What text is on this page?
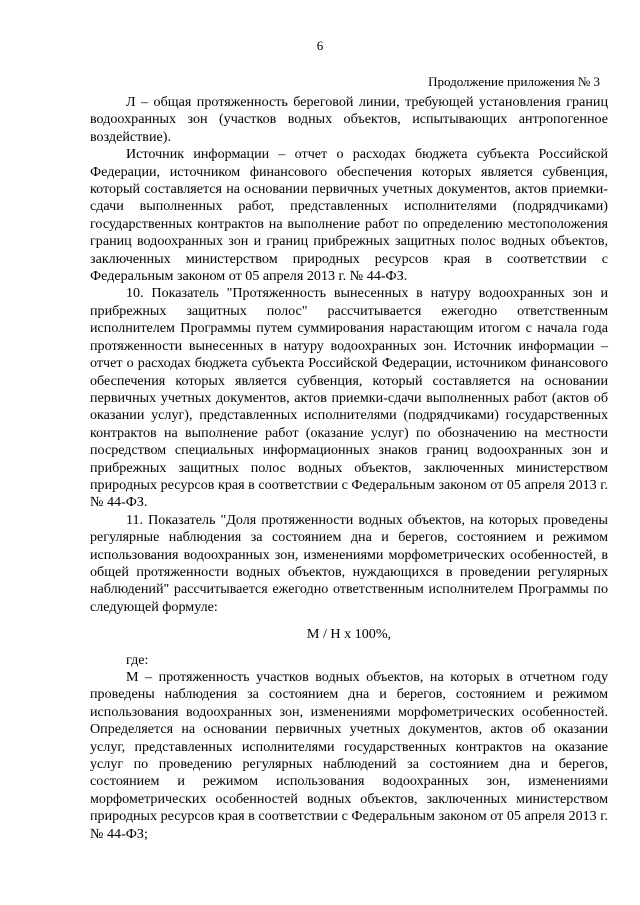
6
Продолжение приложения № 3

Л – общая протяженность береговой линии, требующей установления границ водоохранных зон (участков водных объектов, испытывающих антропогенное воздействие).

Источник информации – отчет о расходах бюджета субъекта Российской Федерации, источником финансового обеспечения которых является субвенция, который составляется на основании первичных учетных документов, актов приемки-сдачи выполненных работ, представленных исполнителями (подрядчиками) государственных контрактов на выполнение работ по определению местоположения границ водоохранных зон и границ прибрежных защитных полос водных объектов, заключенных министерством природных ресурсов края в соответствии с Федеральным законом от 05 апреля 2013 г. № 44-ФЗ.

10. Показатель "Протяженность вынесенных в натуру водоохранных зон и прибрежных защитных полос" рассчитывается ежегодно ответственным исполнителем Программы путем суммирования нарастающим итогом с начала года протяженности вынесенных в натуру водоохранных зон. Источник информации – отчет о расходах бюджета субъекта Российской Федерации, источником финансового обеспечения которых является субвенция, который составляется на основании первичных учетных документов, актов приемки-сдачи выполненных работ (актов об оказании услуг), представленных исполнителями (подрядчиками) государственных контрактов на выполнение работ (оказание услуг) по обозначению на местности посредством специальных информационных знаков границ водоохранных зон и прибрежных защитных полос водных объектов, заключенных министерством природных ресурсов края в соответствии с Федеральным законом от 05 апреля 2013 г. № 44-ФЗ.

11. Показатель "Доля протяженности водных объектов, на которых проведены регулярные наблюдения за состоянием дна и берегов, состоянием и режимом использования водоохранных зон, изменениями морфометрических особенностей, в общей протяженности водных объектов, нуждающихся в проведении регулярных наблюдений" рассчитывается ежегодно ответственным исполнителем Программы по следующей формуле:

М / Н х 100%,

где:

М – протяженность участков водных объектов, на которых в отчетном году проведены наблюдения за состоянием дна и берегов, состоянием и режимом использования водоохранных зон, изменениями морфометрических особенностей. Определяется на основании первичных учетных документов, актов об оказании услуг, представленных исполнителями государственных контрактов на оказание услуг по проведению регулярных наблюдений за состоянием дна и берегов, состоянием и режимом использования водоохранных зон, изменениями морфометрических особенностей водных объектов, заключенных министерством природных ресурсов края в соответствии с Федеральным законом от 05 апреля 2013 г. № 44-ФЗ;
